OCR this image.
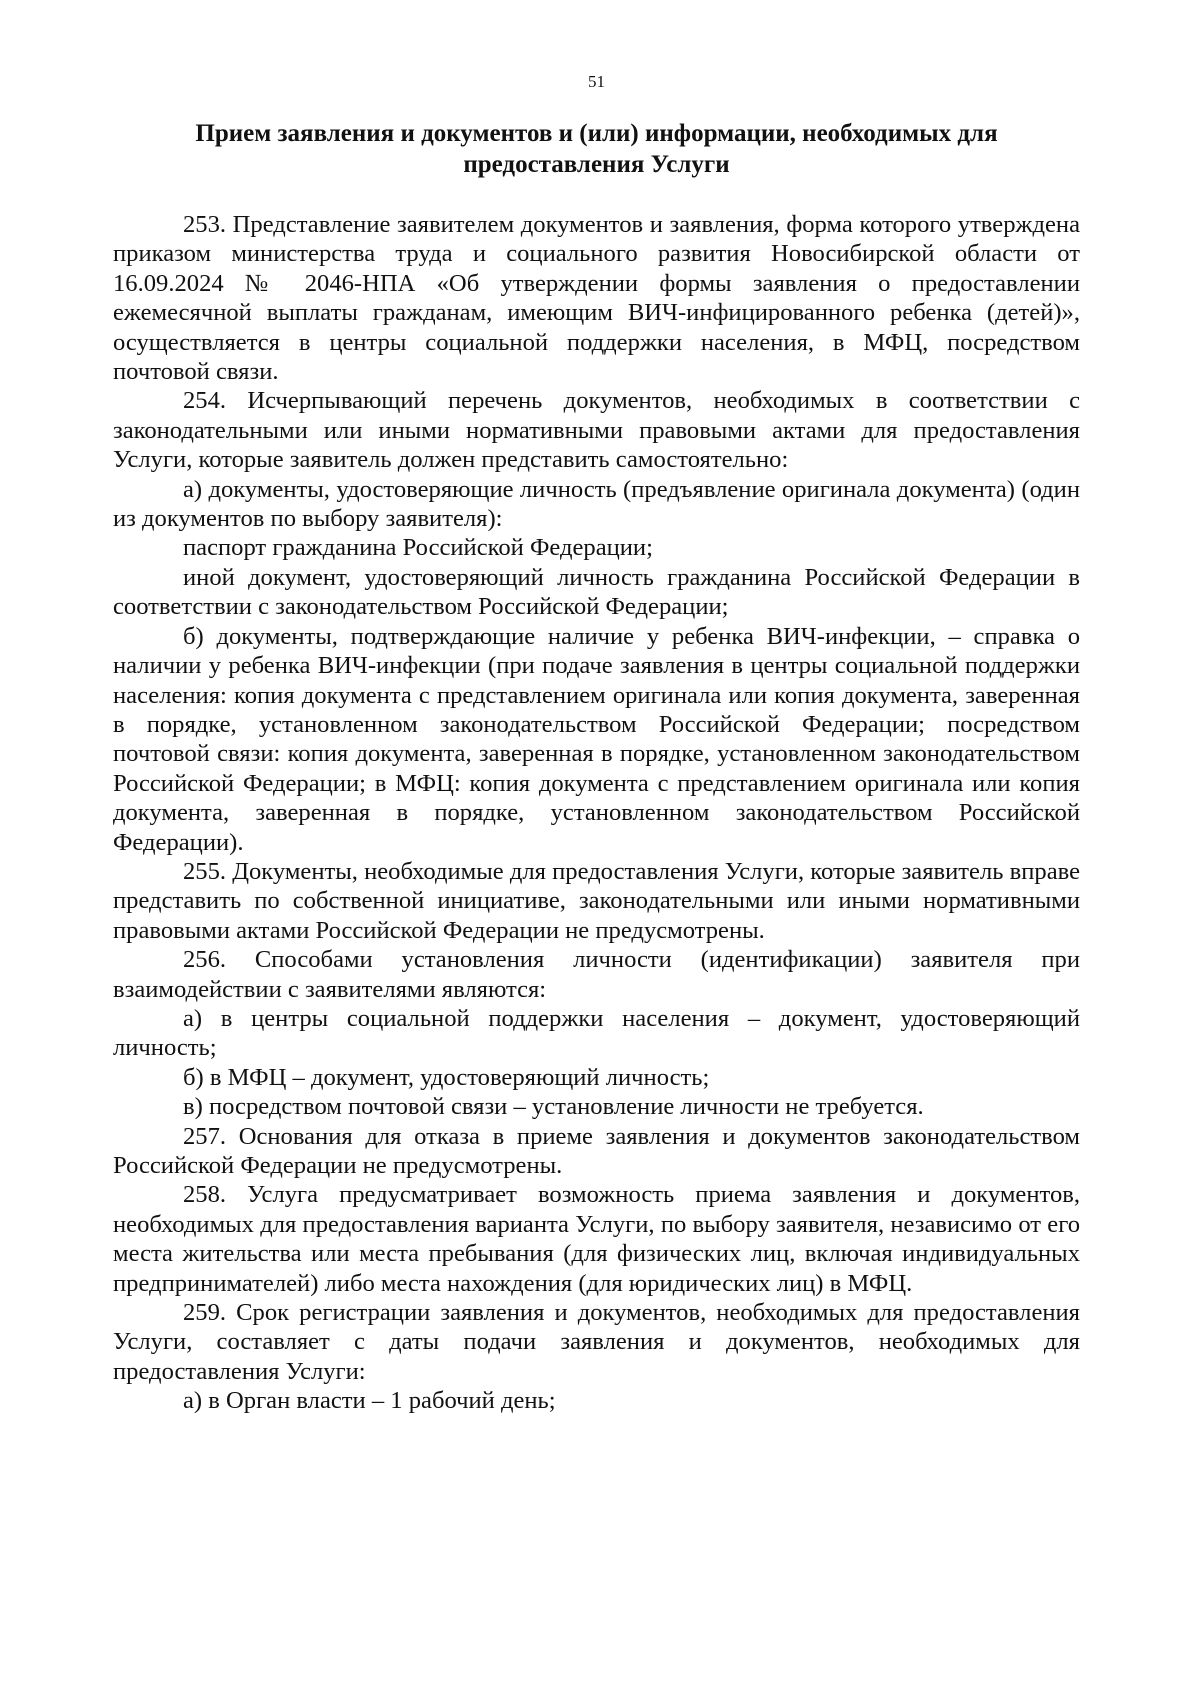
51
Прием заявления и документов и (или) информации, необходимых для предоставления Услуги

253. Представление заявителем документов и заявления, форма которого утверждена приказом министерства труда и социального развития Новосибирской области от 16.09.2024 № 2046-НПА «Об утверждении формы заявления о предоставлении ежемесячной выплаты гражданам, имеющим ВИЧ-инфицированного ребенка (детей)», осуществляется в центры социальной поддержки населения, в МФЦ, посредством почтовой связи.

254. Исчерпывающий перечень документов, необходимых в соответствии с законодательными или иными нормативными правовыми актами для предоставления Услуги, которые заявитель должен представить самостоятельно:

а) документы, удостоверяющие личность (предъявление оригинала документа) (один из документов по выбору заявителя):

паспорт гражданина Российской Федерации;

иной документ, удостоверяющий личность гражданина Российской Федерации в соответствии с законодательством Российской Федерации;

б) документы, подтверждающие наличие у ребенка ВИЧ-инфекции, – справка о наличии у ребенка ВИЧ-инфекции (при подаче заявления в центры социальной поддержки населения: копия документа с представлением оригинала или копия документа, заверенная в порядке, установленном законодательством Российской Федерации; посредством почтовой связи: копия документа, заверенная в порядке, установленном законодательством Российской Федерации; в МФЦ: копия документа с представлением оригинала или копия документа, заверенная в порядке, установленном законодательством Российской Федерации).

255. Документы, необходимые для предоставления Услуги, которые заявитель вправе представить по собственной инициативе, законодательными или иными нормативными правовыми актами Российской Федерации не предусмотрены.

256. Способами установления личности (идентификации) заявителя при взаимодействии с заявителями являются:

а) в центры социальной поддержки населения – документ, удостоверяющий личность;

б) в МФЦ – документ, удостоверяющий личность;

в) посредством почтовой связи – установление личности не требуется.

257. Основания для отказа в приеме заявления и документов законодательством Российской Федерации не предусмотрены.

258. Услуга предусматривает возможность приема заявления и документов, необходимых для предоставления варианта Услуги, по выбору заявителя, независимо от его места жительства или места пребывания (для физических лиц, включая индивидуальных предпринимателей) либо места нахождения (для юридических лиц) в МФЦ.

259. Срок регистрации заявления и документов, необходимых для предоставления Услуги, составляет с даты подачи заявления и документов, необходимых для предоставления Услуги:

а) в Орган власти – 1 рабочий день;
